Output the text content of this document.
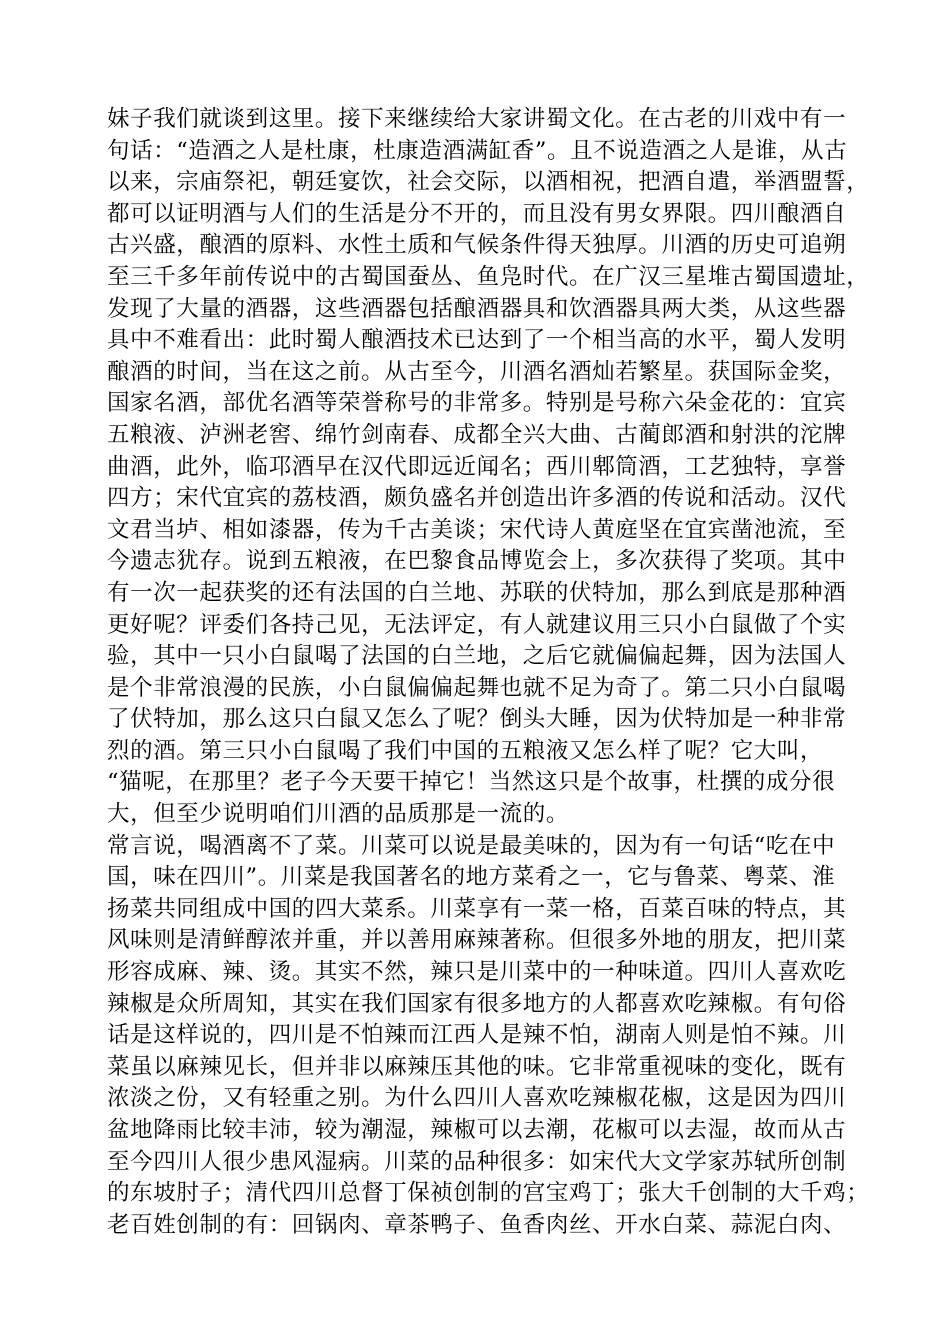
妹子我们就谈到这里。接下来继续给大家讲蜀文化。在古老的川戏中有一
句话：“造酒之人是杜康，杜康造酒满缸香”。且不说造酒之人是谁，从古
以来，宗庙祭祀，朝廷宴饮，社会交际，以酒相祝，把酒自遣，举酒盟誓，
都可以证明酒与人们的生活是分不开的，而且没有男女界限。四川酿酒自
古兴盛，酿酒的原料、水性土质和气候条件得天独厚。川酒的历史可追朔
至三千多年前传说中的古蜀国蚕丛、鱼凫时代。在广汉三星堆古蜀国遗址，
发现了大量的酒器，这些酒器包括酿酒器具和饮酒器具两大类，从这些器
具中不难看出：此时蜀人酿酒技术已达到了一个相当高的水平，蜀人发明
酿酒的时间，当在这之前。从古至今，川酒名酒灿若繁星。获国际金奖，
国家名酒，部优名酒等荣誉称号的非常多。特别是号称六朵金花的：宜宾
五粮液、泸洲老窖、绵竹剑南春、成都全兴大曲、古蔺郎酒和射洪的沱牌
曲酒，此外，临邛酒早在汉代即远近闻名；西川郫筒酒，工艺独特，享誉
四方；宋代宜宾的荔枝酒，颇负盛名并创造出许多酒的传说和活动。汉代
文君当垆、相如漆器，传为千古美谈；宋代诗人黄庭坚在宜宾凿池流，至
今遗志犹存。说到五粮液，在巴黎食品博览会上，多次获得了奖项。其中
有一次一起获奖的还有法国的白兰地、苏联的伏特加，那么到底是那种酒
更好呢？评委们各持己见，无法评定，有人就建议用三只小白鼠做了个实
验，其中一只小白鼠喝了法国的白兰地，之后它就偏偏起舞，因为法国人
是个非常浪漫的民族，小白鼠偏偏起舞也就不足为奇了。第二只小白鼠喝
了伏特加，那么这只白鼠又怎么了呢？倒头大睡，因为伏特加是一种非常
烈的酒。第三只小白鼠喝了我们中国的五粮液又怎么样了呢？它大叫，
“猫呢，在那里？老子今天要干掉它！当然这只是个故事，杜撰的成分很
大，但至少说明咱们川酒的品质那是一流的。
常言说，喝酒离不了菜。川菜可以说是最美味的，因为有一句话“吃在中
国，味在四川”。川菜是我国著名的地方菜肴之一，它与鲁菜、粤菜、淮
扬菜共同组成中国的四大菜系。川菜享有一菜一格，百菜百味的特点，其
风味则是清鲜醇浓并重，并以善用麻辣著称。但很多外地的朋友，把川菜
形容成麻、辣、烫。其实不然，辣只是川菜中的一种味道。四川人喜欢吃
辣椒是众所周知，其实在我们国家有很多地方的人都喜欢吃辣椒。有句俗
话是这样说的，四川是不怕辣而江西人是辣不怕，湖南人则是怕不辣。川
菜虽以麻辣见长，但并非以麻辣压其他的味。它非常重视味的变化，既有
浓淡之份，又有轻重之别。为什么四川人喜欢吃辣椒花椒，这是因为四川
盆地降雨比较丰沛，较为潮湿，辣椒可以去潮，花椒可以去湿，故而从古
至今四川人很少患风湿病。川菜的品种很多：如宋代大文学家苏轼所创制
的东坡肘子；清代四川总督丁保祯创制的宫宝鸡丁；张大千创制的大千鸡；
老百姓创制的有：回锅肉、章茶鸭子、鱼香肉丝、开水白菜、蒜泥白肉、
